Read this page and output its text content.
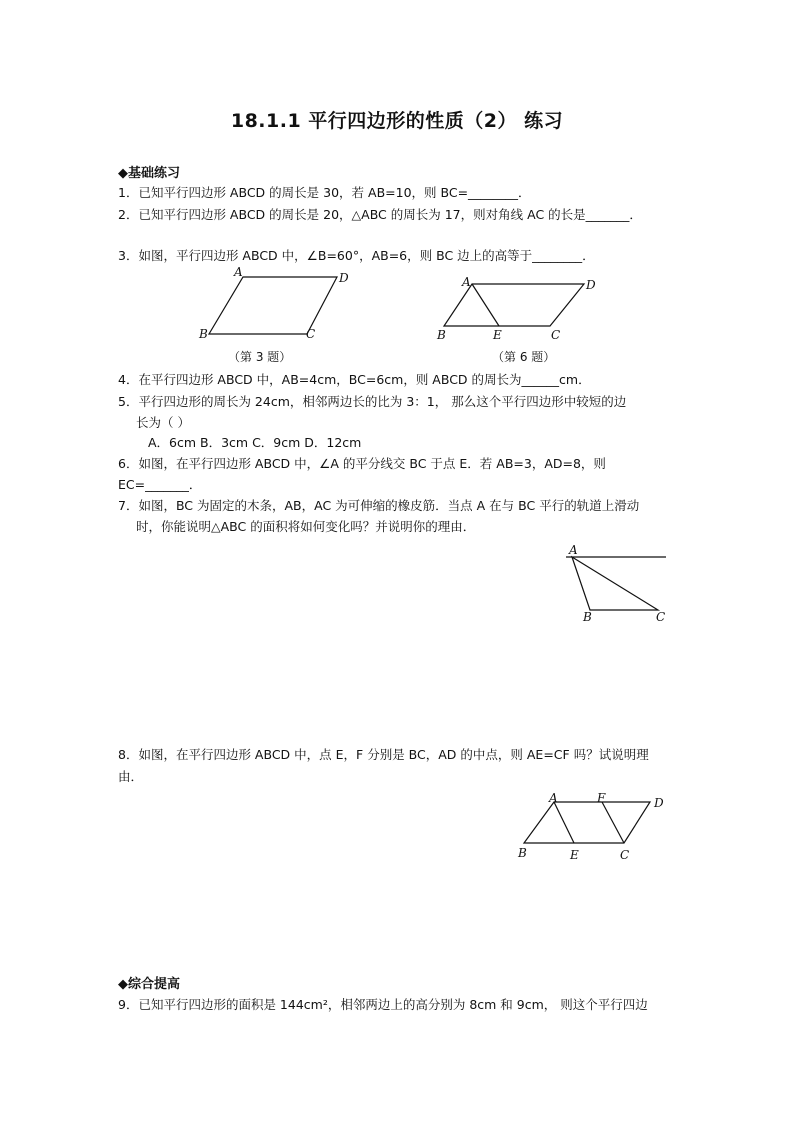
18.1.1 平行四边形的性质（2） 练习
◆基础练习
1．已知平行四边形 ABCD 的周长是 30，若 AB=10，则 BC=________．
2．已知平行四边形 ABCD 的周长是 20，△ABC 的周长为 17，则对角线 AC 的长是_______．
3．如图，平行四边形 ABCD 中，∠B=60°，AB=6，则 BC 边上的高等于________．
A	D
B	C
（第 3 题）
A	D
B	E	C
（第 6 题）
4．在平行四边形 ABCD 中，AB=4cm，BC=6cm，则 ABCD 的周长为______cm．
5．平行四边形的周长为 24cm，相邻两边长的比为 3：1， 那么这个平行四边形中较短的边
长为（ ）
A．6cm B．3cm C．9cm D．12cm
6．如图，在平行四边形 ABCD 中，∠A 的平分线交 BC 于点 E．若 AB=3，AD=8，则
EC=_______．
7．如图，BC 为固定的木条，AB，AC 为可伸缩的橡皮筋．当点 A 在与 BC 平行的轨道上滑动
时，你能说明△ABC 的面积将如何变化吗？并说明你的理由．
A
B	C
8．如图，在平行四边形 ABCD 中，点 E，F 分别是 BC，AD 的中点，则 AE=CF 吗？试说明理
由．
A	F	D
B	E	C
◆综合提高
9．已知平行四边形的面积是 144cm²，相邻两边上的高分别为 8cm 和 9cm， 则这个平行四边
